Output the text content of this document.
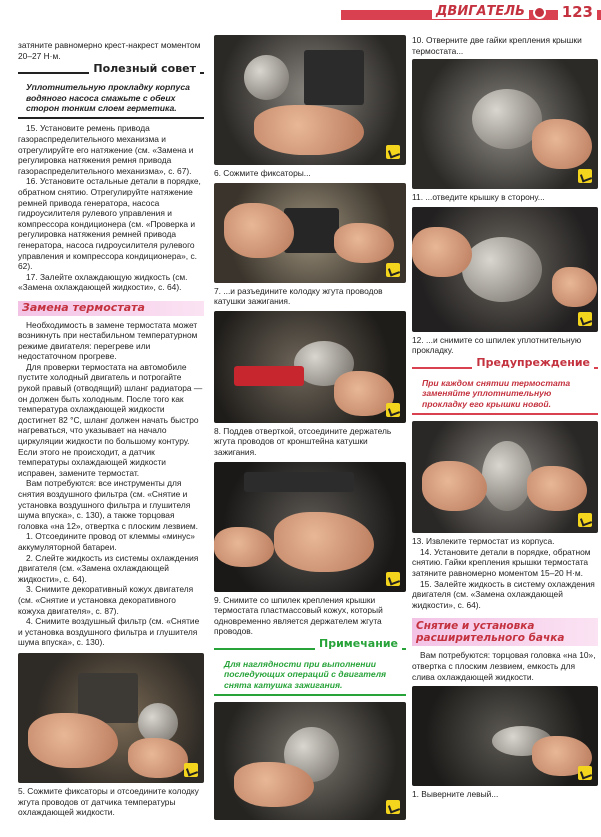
ДВИГАТЕЛЬ 123

затяните равномерно крест-накрест моментом 20–27 Н·м.

Полезный совет
Уплотнительную прокладку корпуса водяного насоса смажьте с обеих сторон тонким слоем герметика.

15. Установите ремень привода газораспределительного механизма и отрегулируйте его натяжение (см. «Замена и регулировка натяжения ремня привода газораспределительного механизма», с. 67).

16. Установите остальные детали в порядке, обратном снятию. Отрегулируйте натяжение ремней привода генератора, насоса гидроусилителя рулевого управления и компрессора кондиционера (см. «Проверка и регулировка натяжения ремней привода генератора, насоса гидроусилителя рулевого управления и компрессора кондиционера», с. 62).

17. Залейте охлаждающую жидкость (см. «Замена охлаждающей жидкости», с. 64).

Замена термостата

Необходимость в замене термостата может возникнуть при нестабильном температурном режиме двигателя: перегреве или недостаточном прогреве.

Для проверки термостата на автомобиле пустите холодный двигатель и потрогайте рукой правый (отводящий) шланг радиатора — он должен быть холодным. После того как температура охлаждающей жидкости достигнет 82 °C, шланг должен начать быстро нагреваться, что указывает на начало циркуляции жидкости по большому контуру. Если этого не происходит, а датчик температуры охлаждающей жидкости исправен, замените термостат.

Вам потребуются: все инструменты для снятия воздушного фильтра (см. «Снятие и установка воздушного фильтра и глушителя шума впуска», с. 130), а также торцовая головка «на 12», отвертка с плоским лезвием.

1. Отсоедините провод от клеммы «минус» аккумуляторной батареи.

2. Слейте жидкость из системы охлаждения двигателя (см. «Замена охлаждающей жидкости», с. 64).

3. Снимите декоративный кожух двигателя (см. «Снятие и установка декоративного кожуха двигателя», с. 87).

4. Снимите воздушный фильтр (см. «Снятие и установка воздушного фильтра и глушителя шума впуска», с. 130).

5. Сожмите фиксаторы и отсоедините колодку жгута проводов от датчика температуры охлаждающей жидкости.

6. Сожмите фиксаторы...

7. ...и разъедините колодку жгута проводов катушки зажигания.

8. Поддев отверткой, отсоедините держатель жгута проводов от кронштейна катушки зажигания.

9. Снимите со шпилек крепления крышки термостата пластмассовый кожух, который одновременно является держателем жгута проводов.

Примечание
Для наглядности при выполнении последующих операций с двигателя снята катушка зажигания.

10. Отверните две гайки крепления крышки термостата...

11. ...отведите крышку в сторону...

12. ...и снимите со шпилек уплотнительную прокладку.

Предупреждение
При каждом снятии термостата заменяйте уплотнительную прокладку его крышки новой.

13. Извлеките термостат из корпуса.

14. Установите детали в порядке, обратном снятию. Гайки крепления крышки термостата затяните равномерно моментом 15–20 Н·м.

15. Залейте жидкость в систему охлаждения двигателя (см. «Замена охлаждающей жидкости», с. 64).

Снятие и установка расширительного бачка

Вам потребуются: торцовая головка «на 10», отвертка с плоским лезвием, емкость для слива охлаждающей жидкости.

1. Выверните левый...
